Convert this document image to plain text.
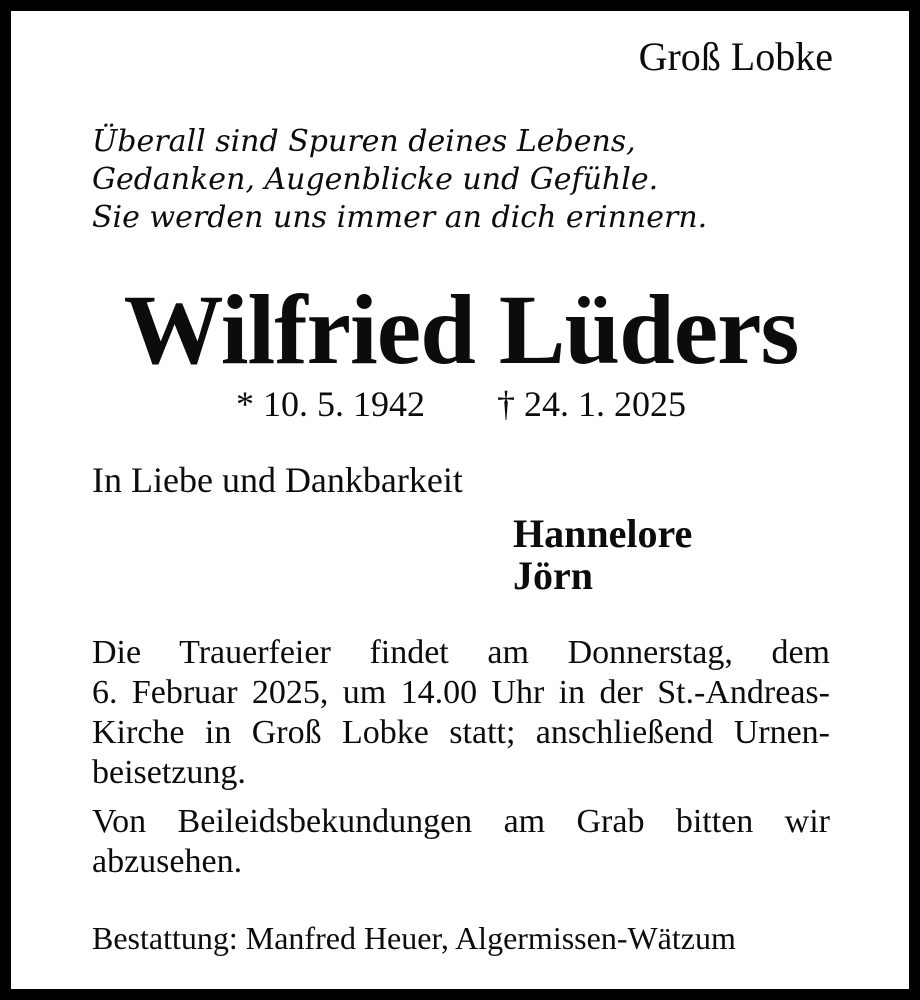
Groß Lobke
Überall sind Spuren deines Lebens,
Gedanken, Augenblicke und Gefühle.
Sie werden uns immer an dich erinnern.
Wilfried Lüders
* 10. 5. 1942 † 24. 1. 2025
In Liebe und Dankbarkeit
Hannelore
Jörn
Die Trauerfeier findet am Donnerstag, dem
6. Februar 2025, um 14.00 Uhr in der St.-Andreas-
Kirche in Groß Lobke statt; anschließend Urnen-
beisetzung.
Von Beileidsbekundungen am Grab bitten wir
abzusehen.
Bestattung: Manfred Heuer, Algermissen-Wätzum
